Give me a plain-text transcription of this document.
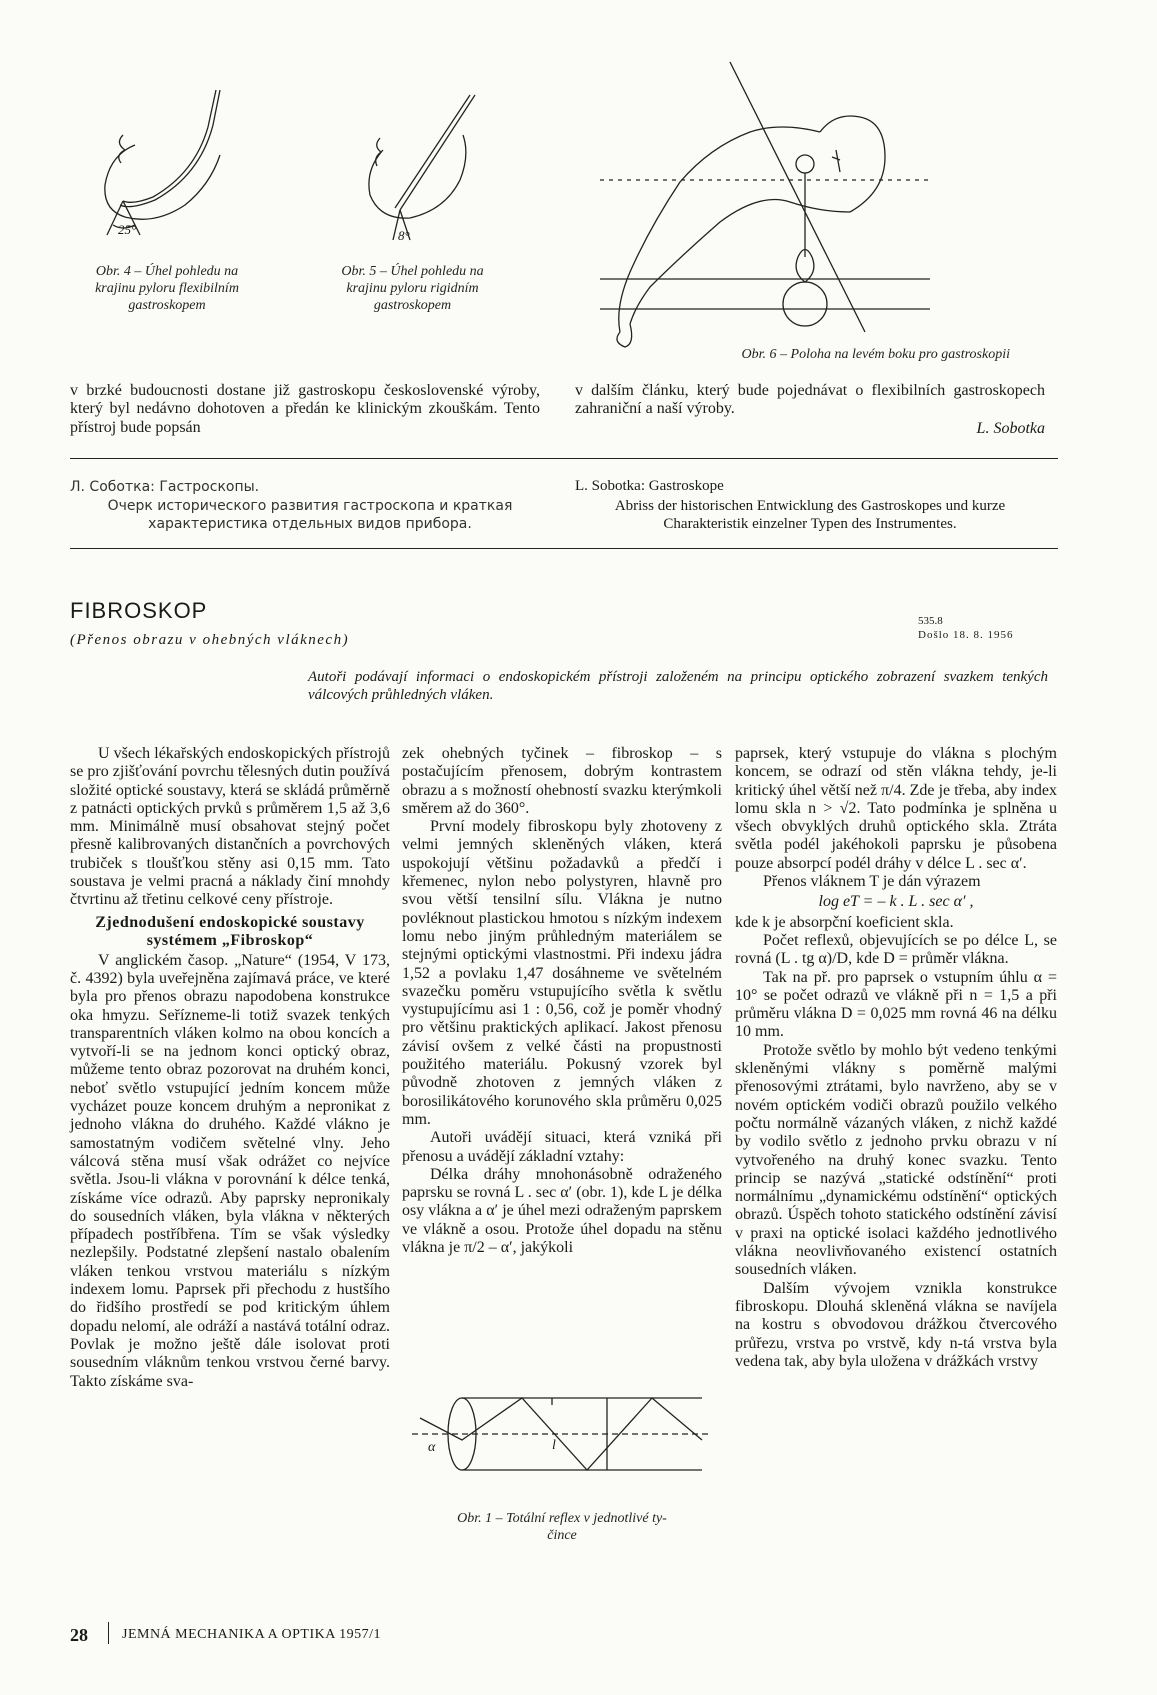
25°
Obr. 4 – Úhel pohledu na
krajinu pyloru flexibilním
gastroskopem
8°
Obr. 5 – Úhel pohledu na
krajinu pyloru rigidním
gastroskopem
Obr. 6 – Poloha na levém boku pro gastroskopii
v brzké budoucnosti dostane již gastroskopu československé výroby, který byl nedávno dohotoven a předán ke klinickým zkouškám. Tento přístroj bude popsán
v dalším článku, který bude pojednávat o flexibilních gastroskopech zahraniční a naší výroby.
L. Sobotka
Л. Соботка: Гастроскопы.
Очерк исторического развития гастроскопа и краткая характеристика отдельных видов прибора.
L. Sobotka: Gastroskope
Abriss der historischen Entwicklung des Gastroskopes und kurze Charakteristik einzelner Typen des Instrumentes.
FIBROSKOP
(Přenos obrazu v ohebných vláknech)
535.8
Došlo 18. 8. 1956
Autoři podávají informaci o endoskopickém přístroji založeném na principu optického zobrazení svazkem tenkých válcových průhledných vláken.

U všech lékařských endoskopických přístrojů se pro zjišťování povrchu tělesných dutin používá složité optické soustavy, která se skládá průměrně z patnácti optických prvků s průměrem 1,5 až 3,6 mm. Minimálně musí obsahovat stejný počet přesně kalibrovaných distančních a povrchových trubiček s tloušťkou stěny asi 0,15 mm. Tato soustava je velmi pracná a náklady činí mnohdy čtvrtinu až třetinu celkové ceny přístroje.

Zjednodušení endoskopické soustavy systémem „Fibroskop“

V anglickém časop. „Nature“ (1954, V 173, č. 4392) byla uveřejněna zajímavá práce, ve které byla pro přenos obrazu napodobena konstrukce oka hmyzu. Seřízneme-li totiž svazek tenkých transparentních vláken kolmo na obou koncích a vytvoří-li se na jednom konci optický obraz, můžeme tento obraz pozorovat na druhém konci, neboť světlo vstupující jedním koncem může vycházet pouze koncem druhým a nepronikat z jednoho vlákna do druhého. Každé vlákno je samostatným vodičem světelné vlny. Jeho válcová stěna musí však odrážet co nejvíce světla. Jsou-li vlákna v porovnání k délce tenká, získáme více odrazů. Aby paprsky nepronikaly do sousedních vláken, byla vlákna v některých případech postříbřena. Tím se však výsledky nezlepšily. Podstatné zlepšení nastalo obalením vláken tenkou vrstvou materiálu s nízkým indexem lomu. Paprsek při přechodu z hustšího do řidšího prostředí se pod kritickým úhlem dopadu nelomí, ale odráží a nastává totální odraz. Povlak je možno ještě dále isolovat proti sousedním vláknům tenkou vrstvou černé barvy. Takto získáme sva-

zek ohebných tyčinek – fibroskop – s postačujícím přenosem, dobrým kontrastem obrazu a s možností ohebností svazku kterýmkoli směrem až do 360°.

První modely fibroskopu byly zhotoveny z velmi jemných skleněných vláken, která uspokojují většinu požadavků a předčí i křemenec, nylon nebo polystyren, hlavně pro svou větší tensilní sílu. Vlákna je nutno povléknout plastickou hmotou s nízkým indexem lomu nebo jiným průhledným materiálem se stejnými optickými vlastnostmi. Při indexu jádra 1,52 a povlaku 1,47 dosáhneme ve světelném svazečku poměru vstupujícího světla k světlu vystupujícímu asi 1 : 0,56, což je poměr vhodný pro většinu praktických aplikací. Jakost přenosu závisí ovšem z velké části na propustnosti použitého materiálu. Pokusný vzorek byl původně zhotoven z jemných vláken z borosilikátového korunového skla průměru 0,025 mm.

Autoři uvádějí situaci, která vzniká při přenosu a uvádějí základní vztahy:

Délka dráhy mnohonásobně odraženého paprsku se rovná L . sec α′ (obr. 1), kde L je délka osy vlákna a α′ je úhel mezi odraženým paprskem ve vlákně a osou. Protože úhel dopadu na stěnu vlákna je π/2 – α′, jakýkoli

l
α
Obr. 1 – Totální reflex v jednotlivé ty-
čince

paprsek, který vstupuje do vlákna s plochým koncem, se odrazí od stěn vlákna tehdy, je-li kritický úhel větší než π/4. Zde je třeba, aby index lomu skla n > √2. Tato podmínka je splněna u všech obvyklých druhů optického skla. Ztráta světla podél jakéhokoli paprsku je působena pouze absorpcí podél dráhy v délce L . sec α′.

Přenos vláknem T je dán výrazem

log eT = – k . L . sec α′ ,

kde k je absorpční koeficient skla.

Počet reflexů, objevujících se po délce L, se rovná (L . tg α)/D, kde D = průměr vlákna.

Tak na př. pro paprsek o vstupním úhlu α = 10° se počet odrazů ve vlákně při n = 1,5 a při průměru vlákna D = 0,025 mm rovná 46 na délku 10 mm.

Protože světlo by mohlo být vedeno tenkými skleněnými vlákny s poměrně malými přenosovými ztrátami, bylo navrženo, aby se v novém optickém vodiči obrazů použilo velkého počtu normálně vázaných vláken, z nichž každé by vodilo světlo z jednoho prvku obrazu v ní vytvořeného na druhý konec svazku. Tento princip se nazývá „statické odstínění“ proti normálnímu „dynamickému odstínění“ optických obrazů. Úspěch tohoto statického odstínění závisí v praxi na optické isolaci každého jednotlivého vlákna neovlivňovaného existencí ostatních sousedních vláken.

Dalším vývojem vznikla konstrukce fibroskopu. Dlouhá skleněná vlákna se navíjela na kostru s obvodovou drážkou čtvercového průřezu, vrstva po vrstvě, kdy n-tá vrstva byla vedena tak, aby byla uložena v drážkách vrstvy

28 JEMNÁ MECHANIKA A OPTIKA 1957/1
